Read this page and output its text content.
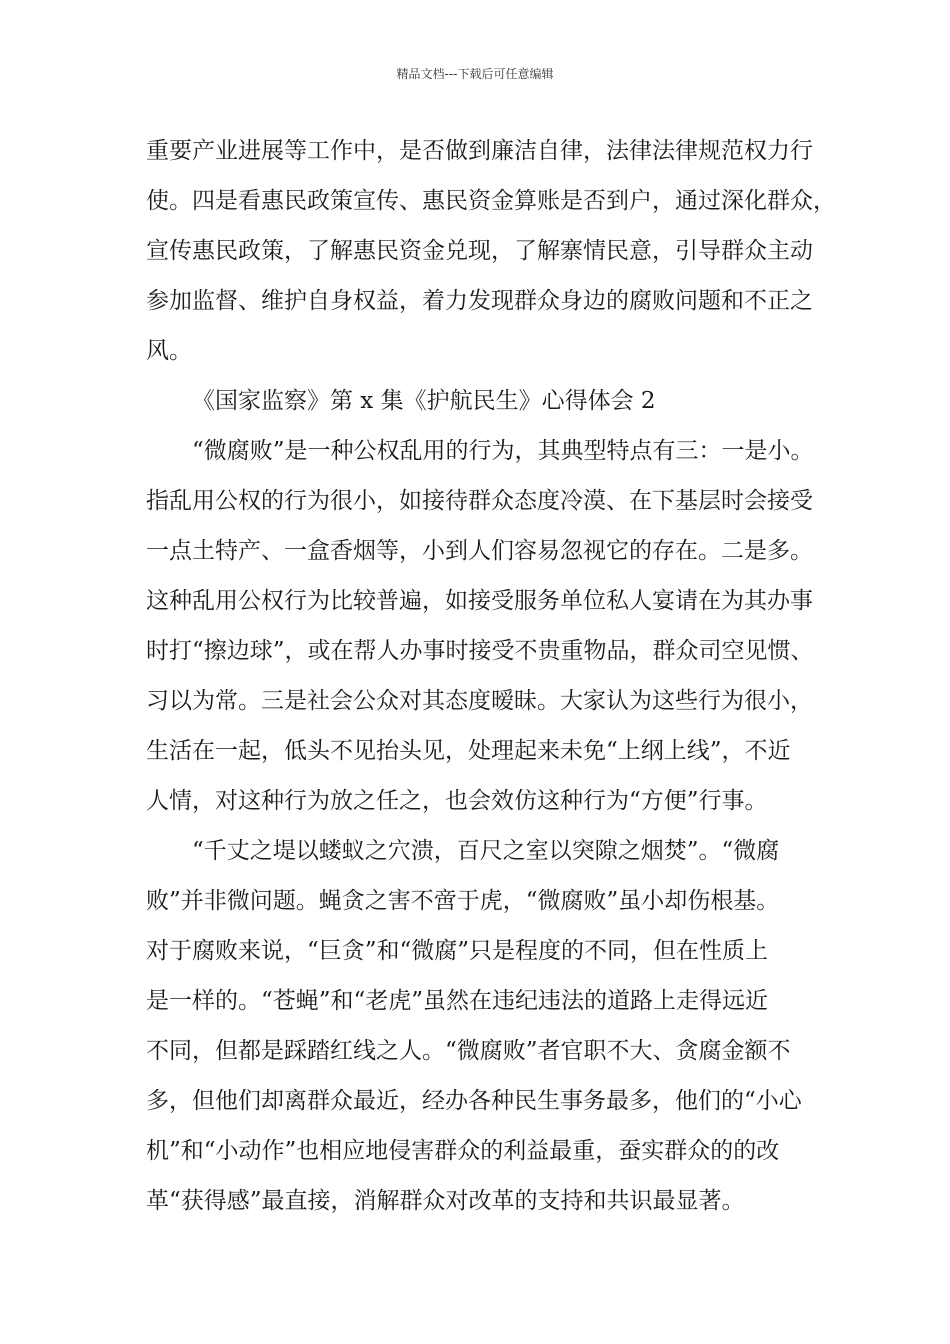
精品文档---下载后可任意编辑
重要产业进展等工作中，是否做到廉洁自律，法律法律规范权力行
使。四是看惠民政策宣传、惠民资金算账是否到户，通过深化群众，
宣传惠民政策，了解惠民资金兑现，了解寨情民意，引导群众主动
参加监督、维护自身权益，着力发现群众身边的腐败问题和不正之
风。
《国家监察》第 x 集《护航民生》心得体会 2
“微腐败”是一种公权乱用的行为，其典型特点有三：一是小。
指乱用公权的行为很小，如接待群众态度冷漠、在下基层时会接受
一点土特产、一盒香烟等，小到人们容易忽视它的存在。二是多。
这种乱用公权行为比较普遍，如接受服务单位私人宴请在为其办事
时打“擦边球”，或在帮人办事时接受不贵重物品，群众司空见惯、
习以为常。三是社会公众对其态度暧昧。大家认为这些行为很小，
生活在一起，低头不见抬头见，处理起来未免“上纲上线”，不近
人情，对这种行为放之任之，也会效仿这种行为“方便”行事。
“千丈之堤以蝼蚁之穴溃，百尺之室以突隙之烟焚”。“微腐
败”并非微问题。蝇贪之害不啻于虎，“微腐败”虽小却伤根基。
对于腐败来说，“巨贪”和“微腐”只是程度的不同，但在性质上
是一样的。“苍蝇”和“老虎”虽然在违纪违法的道路上走得远近
不同，但都是踩踏红线之人。“微腐败”者官职不大、贪腐金额不
多，但他们却离群众最近，经办各种民生事务最多，他们的“小心
机”和“小动作”也相应地侵害群众的利益最重，蚕实群众的的改
革“获得感”最直接，消解群众对改革的支持和共识最显著。
